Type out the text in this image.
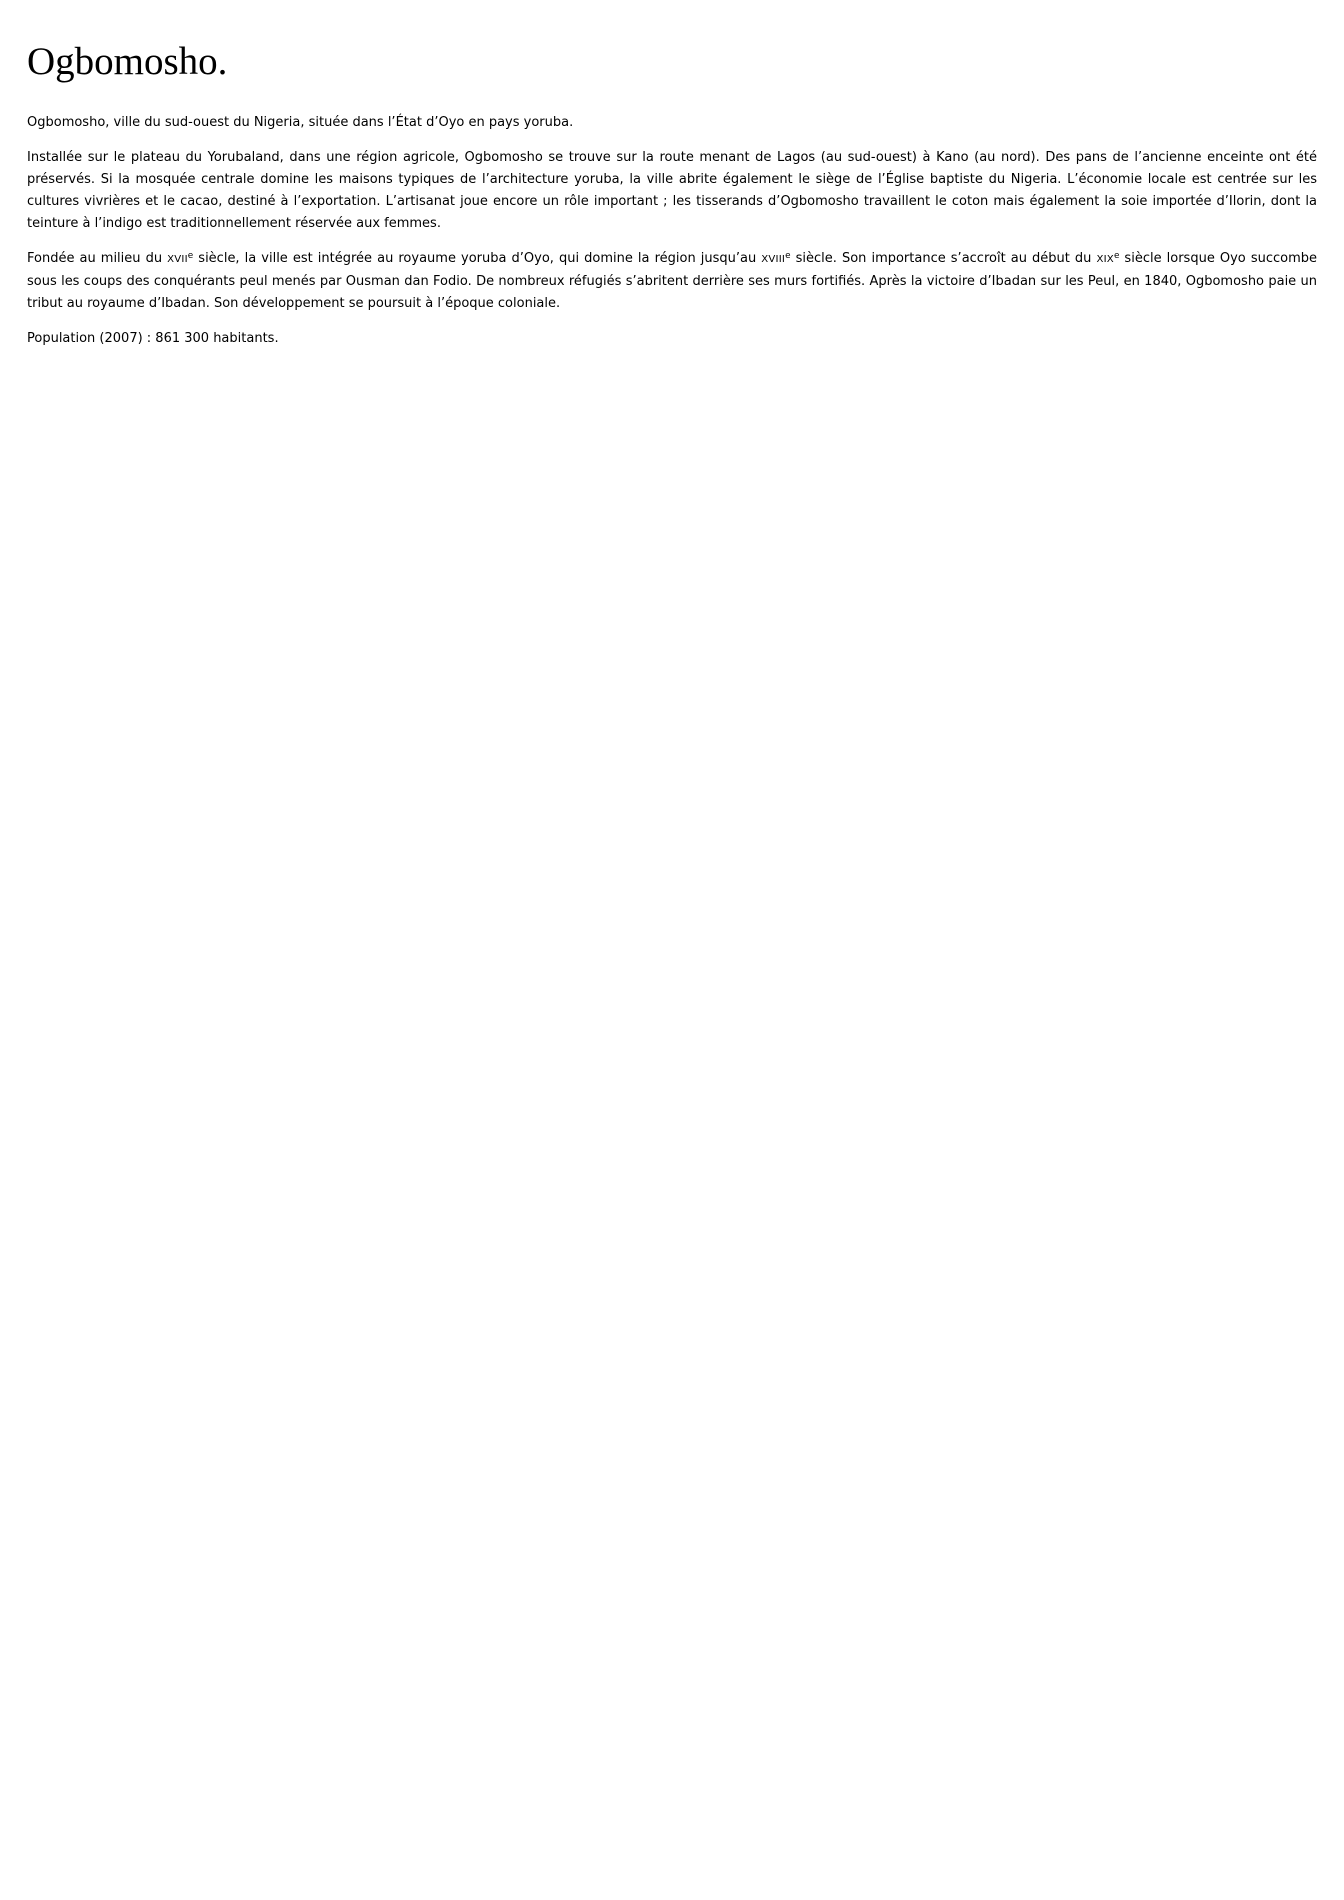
Ogbomosho.

Ogbomosho, ville du sud-ouest du Nigeria, située dans l’État d’Oyo en pays yoruba.

Installée sur le plateau du Yorubaland, dans une région agricole, Ogbomosho se trouve sur la route menant de Lagos (au sud-ouest) à Kano (au nord). Des pans de l’ancienne enceinte ont été préservés. Si la mosquée centrale domine les maisons typiques de l’architecture yoruba, la ville abrite également le siège de l’Église baptiste du Nigeria. L’économie locale est centrée sur les cultures vivrières et le cacao, destiné à l’exportation. L’artisanat joue encore un rôle important ; les tisserands d’Ogbomosho travaillent le coton mais également la soie importée d’Ilorin, dont la teinture à l’indigo est traditionnellement réservée aux femmes.

Fondée au milieu du XVIIe siècle, la ville est intégrée au royaume yoruba d’Oyo, qui domine la région jusqu’au XVIIIe siècle. Son importance s’accroît au début du XIXe siècle lorsque Oyo succombe sous les coups des conquérants peul menés par Ousman dan Fodio. De nombreux réfugiés s’abritent derrière ses murs fortifiés. Après la victoire d’Ibadan sur les Peul, en 1840, Ogbomosho paie un tribut au royaume d’Ibadan. Son développement se poursuit à l’époque coloniale.

Population (2007) : 861 300 habitants.
